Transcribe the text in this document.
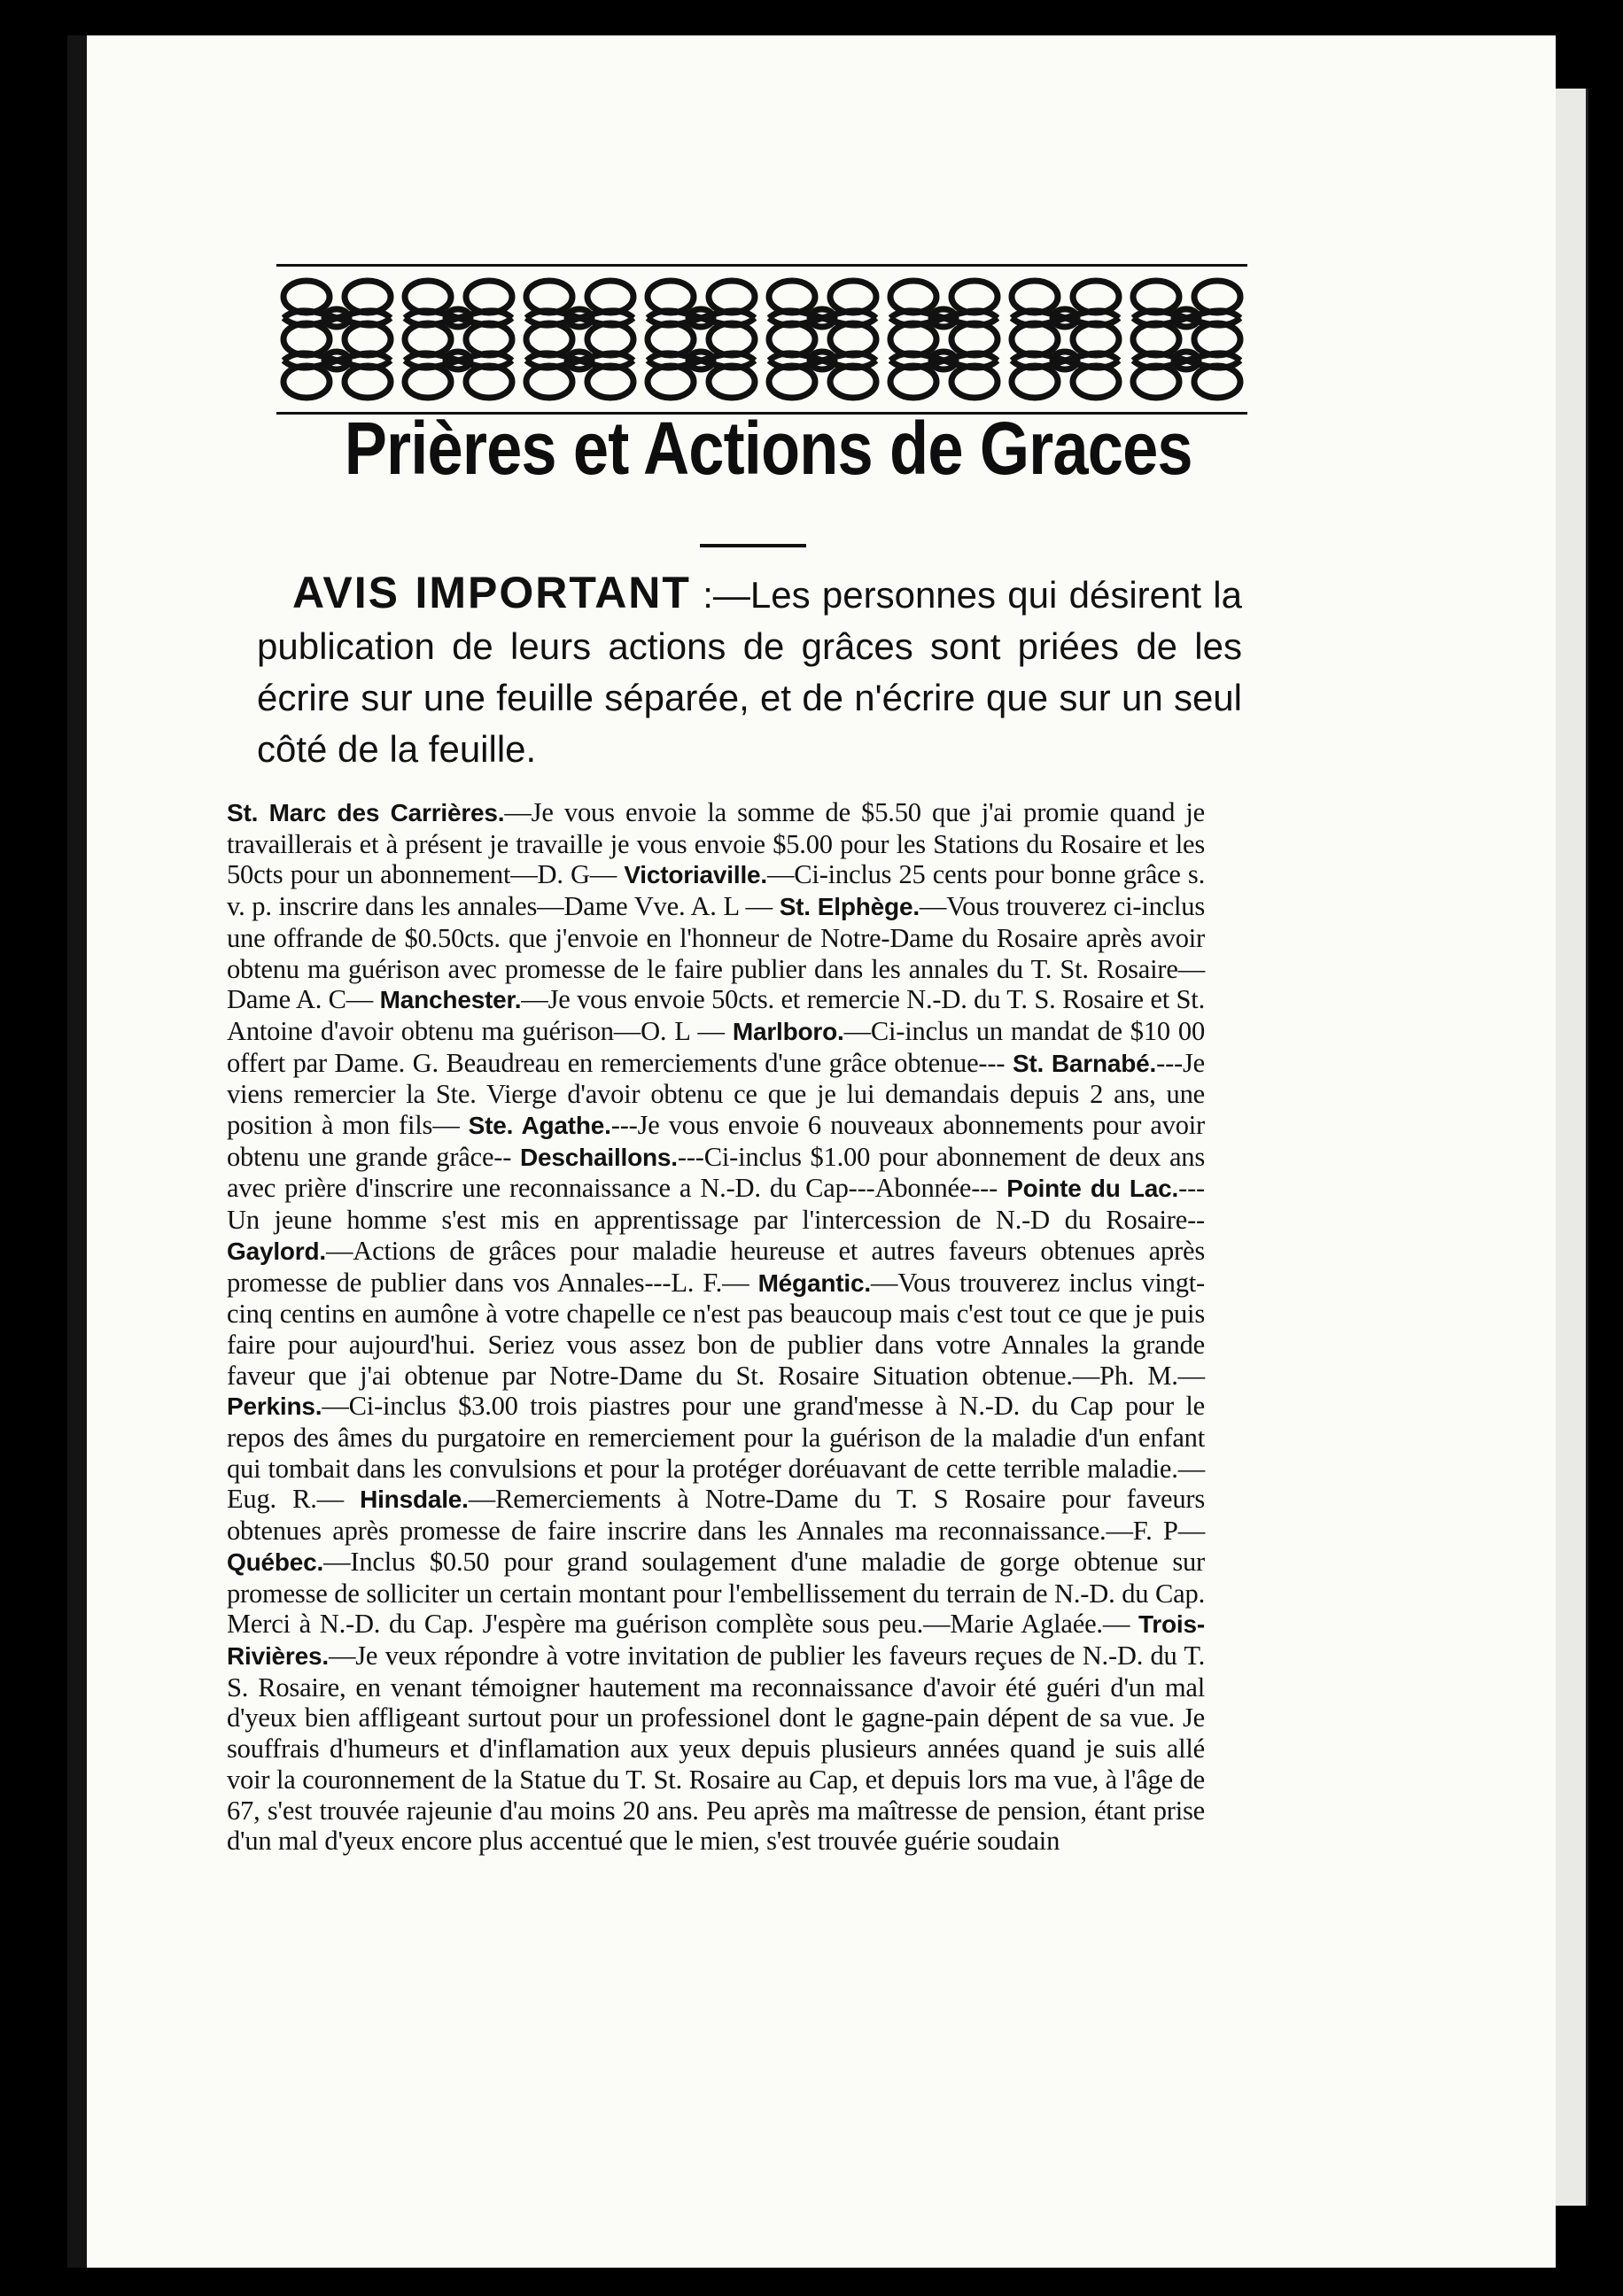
Prières et Actions de Graces
AVIS IMPORTANT :—Les personnes qui désirent la publication de leurs actions de grâces sont priées de les écrire sur une feuille séparée, et de n'écrire que sur un seul côté de la feuille.
St. Marc des Carrières.—Je vous envoie la somme de $5.50 que j'ai promie quand je travaillerais et à présent je travaille je vous envoie $5.00 pour les Stations du Rosaire et les 50cts pour un abonnement—D. G— Victoriaville.—Ci-inclus 25 cents pour bonne grâce s. v. p. inscrire dans les annales—Dame Vve. A. L — St. Elphège.—Vous trouverez ci-inclus une offrande de $0.50cts. que j'envoie en l'honneur de Notre-Dame du Rosaire après avoir obtenu ma guérison avec promesse de le faire publier dans les annales du T. St. Rosaire—Dame A. C— Manchester.—Je vous envoie 50cts. et remercie N.-D. du T. S. Rosaire et St. Antoine d'avoir obtenu ma guérison—O. L — Marlboro.—Ci-inclus un mandat de $10 00 offert par Dame. G. Beaudreau en remerciements d'une grâce obtenue--- St. Barnabé.---Je viens remercier la Ste. Vierge d'avoir obtenu ce que je lui demandais depuis 2 ans, une position à mon fils— Ste. Agathe.---Je vous envoie 6 nouveaux abonnements pour avoir obtenu une grande grâce-- Deschaillons.---Ci-inclus $1.00 pour abonnement de deux ans avec prière d'inscrire une reconnaissance a N.-D. du Cap---Abonnée--- Pointe du Lac.---Un jeune homme s'est mis en apprentissage par l'intercession de N.-D du Rosaire-- Gaylord.—Actions de grâces pour maladie heureuse et autres faveurs obtenues après promesse de publier dans vos Annales---L. F.— Mégantic.—Vous trouverez inclus vingt-cinq centins en aumône à votre chapelle ce n'est pas beaucoup mais c'est tout ce que je puis faire pour aujourd'hui. Seriez vous assez bon de publier dans votre Annales la grande faveur que j'ai obtenue par Notre-Dame du St. Rosaire Situation obtenue.—Ph. M.— Perkins.—Ci-inclus $3.00 trois piastres pour une grand'messe à N.-D. du Cap pour le repos des âmes du purgatoire en remerciement pour la guérison de la maladie d'un enfant qui tombait dans les convulsions et pour la protéger doréuavant de cette terrible maladie.—Eug. R.— Hinsdale.—Remerciements à Notre-Dame du T. S Rosaire pour faveurs obtenues après promesse de faire inscrire dans les Annales ma reconnaissance.—F. P— Québec.—Inclus $0.50 pour grand soulagement d'une maladie de gorge obtenue sur promesse de solliciter un certain montant pour l'embellissement du terrain de N.-D. du Cap. Merci à N.-D. du Cap. J'espère ma guérison complète sous peu.—Marie Aglaée.— Trois-Rivières.—Je veux répondre à votre invitation de publier les faveurs reçues de N.-D. du T. S. Rosaire, en venant témoigner hautement ma reconnaissance d'avoir été guéri d'un mal d'yeux bien affligeant surtout pour un professionel dont le gagne-pain dépent de sa vue. Je souffrais d'humeurs et d'inflamation aux yeux depuis plusieurs années quand je suis allé voir la couronnement de la Statue du T. St. Rosaire au Cap, et depuis lors ma vue, à l'âge de 67, s'est trouvée rajeunie d'au moins 20 ans. Peu après ma maîtresse de pension, étant prise d'un mal d'yeux encore plus accentué que le mien, s'est trouvée guérie soudain
